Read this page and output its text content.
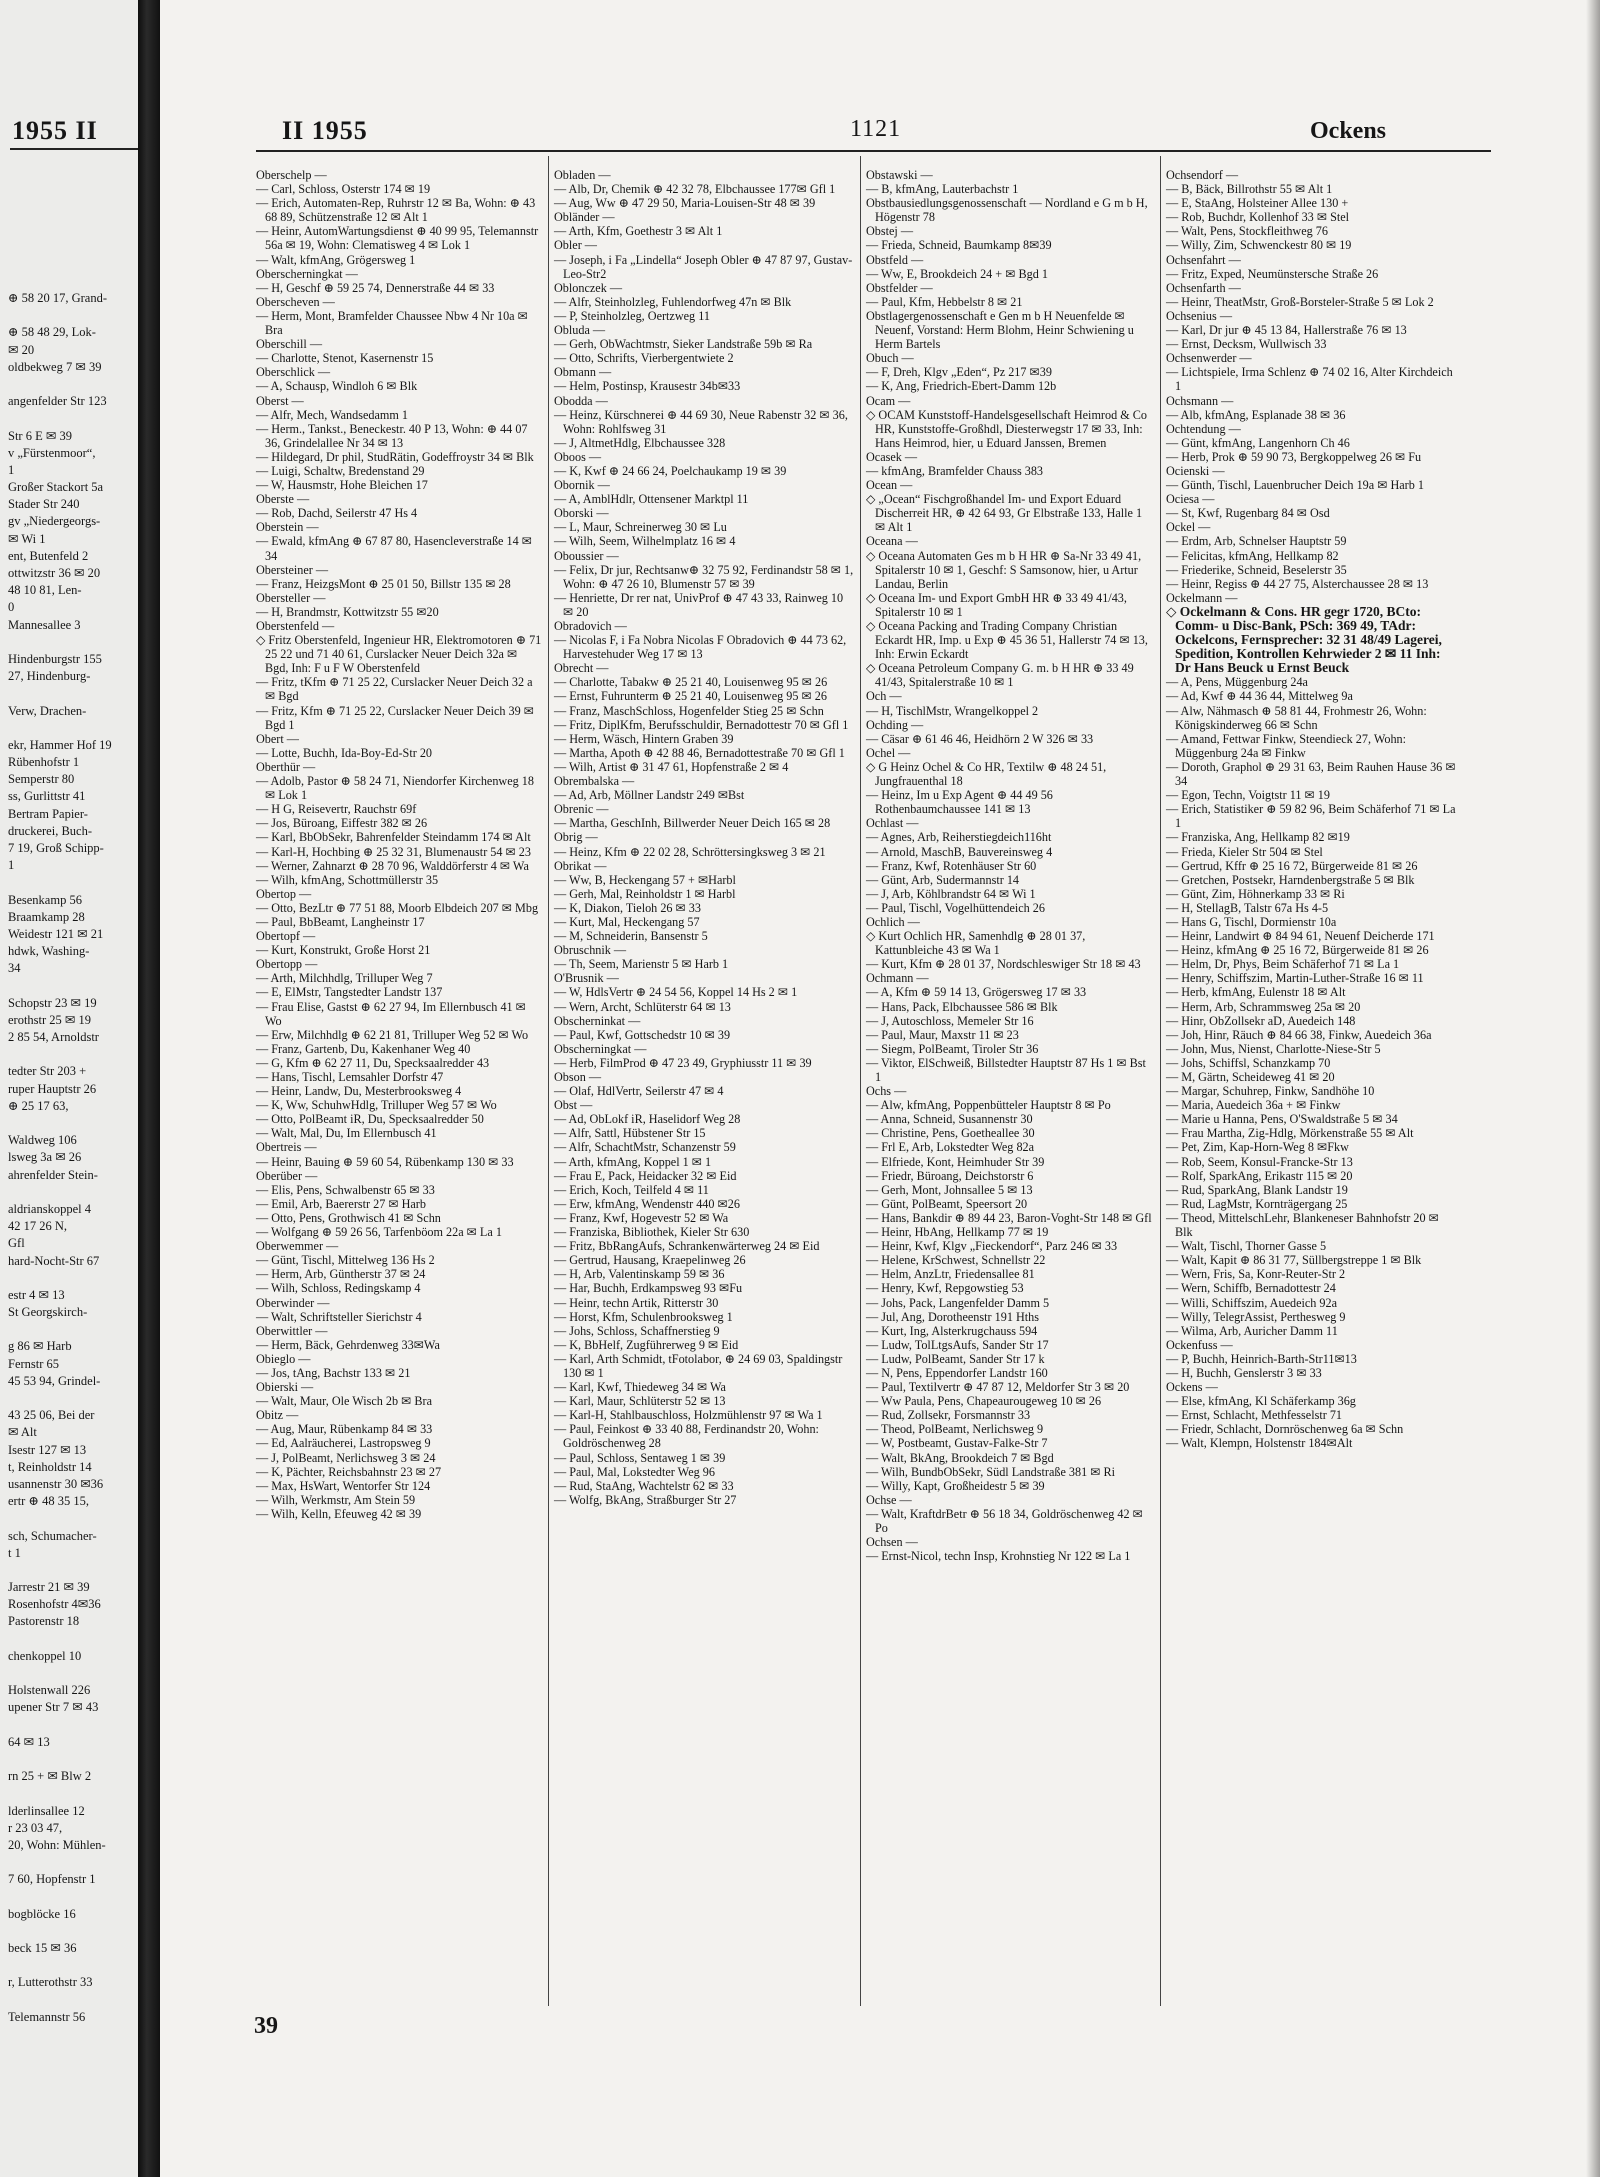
1955 II
⊕ 58 20 17, Grand-
⊕ 58 48 29, Lok-
✉ 20
oldbekweg 7 ✉ 39
angenfelder Str 123
Str 6 E ✉ 39
v „Fürstenmoor“,
1
Großer Stackort 5a
Stader Str 240
gv „Niedergeorgs-
✉ Wi 1
ent, Butenfeld 2
ottwitzstr 36 ✉ 20
48 10 81, Len-
0
Mannesallee 3
Hindenburgstr 155
27, Hindenburg-
Verw, Drachen-
ekr, Hammer Hof 19
Rübenhofstr 1
Semperstr 80
ss, Gurlittstr 41
Bertram Papier-
druckerei, Buch-
7 19, Groß Schipp-
1
Besenkamp 56
Braamkamp 28
Weidestr 121 ✉ 21
hdwk, Washing-
34
Schopstr 23 ✉ 19
erothstr 25 ✉ 19
2 85 54, Arnoldstr
tedter Str 203 +
ruper Hauptstr 26
⊕ 25 17 63,
Waldweg 106
lsweg 3a ✉ 26
ahrenfelder Stein-
aldrianskoppel 4
42 17 26 N,
Gfl
hard-Nocht-Str 67
estr 4 ✉ 13
St Georgskirch-
g 86 ✉ Harb
Fernstr 65
45 53 94, Grindel-
43 25 06, Bei der
✉ Alt
Isestr 127 ✉ 13
t, Reinholdstr 14
usannenstr 30 ✉36
ertr ⊕ 48 35 15,
sch, Schumacher-
t 1
Jarrestr 21 ✉ 39
Rosenhofstr 4✉36
Pastorenstr 18
chenkoppel 10
Holstenwall 226
upener Str 7 ✉ 43
64 ✉ 13
rn 25 + ✉ Blw 2
lderlinsallee 12
r 23 03 47,
20, Wohn: Mühlen-
7 60, Hopfenstr 1
bogblöcke 16
beck 15 ✉ 36
r, Lutterothstr 33
Telemannstr 56
II 1955	1121	Ockens
Oberschelp —
— Carl, Schloss, Osterstr 174 ✉ 19
— Erich, Automaten-Rep, Ruhrstr 12 ✉ Ba, Wohn: ⊕ 43 68 89, Schützenstraße 12 ✉ Alt 1
— Heinr, AutomWartungsdienst ⊕ 40 99 95, Telemannstr 56a ✉ 19, Wohn: Clematisweg 4 ✉ Lok 1
— Walt, kfmAng, Grögersweg 1
Oberscherningkat —
— H, Geschf ⊕ 59 25 74, Dennerstraße 44 ✉ 33
Oberscheven —
— Herm, Mont, Bramfelder Chaussee Nbw 4 Nr 10a ✉ Bra
Oberschill —
— Charlotte, Stenot, Kasernenstr 15
Oberschlick —
— A, Schausp, Windloh 6 ✉ Blk
Oberst —
— Alfr, Mech, Wandsedamm 1
— Herm., Tankst., Beneckestr. 40 P 13, Wohn: ⊕ 44 07 36, Grindelallee Nr 34 ✉ 13
— Hildegard, Dr phil, StudRätin, Godeffroystr 34 ✉ Blk
— Luigi, Schaltw, Bredenstand 29
— W, Hausmstr, Hohe Bleichen 17
Oberste —
— Rob, Dachd, Seilerstr 47 Hs 4
Oberstein —
— Ewald, kfmAng ⊕ 67 87 80, Hasencleverstraße 14 ✉ 34
Obersteiner —
— Franz, HeizgsMont ⊕ 25 01 50, Billstr 135 ✉ 28
Obersteller —
— H, Brandmstr, Kottwitzstr 55 ✉20
Oberstenfeld —
◇ Fritz Oberstenfeld, Ingenieur HR, Elektromotoren ⊕ 71 25 22 und 71 40 61, Curslacker Neuer Deich 32a ✉ Bgd, Inh: F u F W Oberstenfeld
— Fritz, tKfm ⊕ 71 25 22, Curslacker Neuer Deich 32 a ✉ Bgd
— Fritz, Kfm ⊕ 71 25 22, Curslacker Neuer Deich 39 ✉ Bgd 1
Obert —
— Lotte, Buchh, Ida-Boy-Ed-Str 20
Oberthür —
— Adolb, Pastor ⊕ 58 24 71, Niendorfer Kirchenweg 18 ✉ Lok 1
— H G, Reisevertr, Rauchstr 69f
— Jos, Büroang, Eiffestr 382 ✉ 26
— Karl, BbObSekr, Bahrenfelder Steindamm 174 ✉ Alt
— Karl-H, Hochbing ⊕ 25 32 31, Blumenaustr 54 ✉ 23
— Werner, Zahnarzt ⊕ 28 70 96, Walddörferstr 4 ✉ Wa
— Wilh, kfmAng, Schottmüllerstr 35
Obertop —
— Otto, BezLtr ⊕ 77 51 88, Moorb Elbdeich 207 ✉ Mbg
— Paul, BbBeamt, Langheinstr 17
Obertopf —
— Kurt, Konstrukt, Große Horst 21
Obertopp —
— Arth, Milchhdlg, Trilluper Weg 7
— E, ElMstr, Tangstedter Landstr 137
— Frau Elise, Gastst ⊕ 62 27 94, Im Ellernbusch 41 ✉ Wo
— Erw, Milchhdlg ⊕ 62 21 81, Trilluper Weg 52 ✉ Wo
— Franz, Gartenb, Du, Kakenhaner Weg 40
— G, Kfm ⊕ 62 27 11, Du, Specksaalredder 43
— Hans, Tischl, Lemsahler Dorfstr 47
— Heinr, Landw, Du, Mesterbrooksweg 4
— K, Ww, SchuhwHdlg, Trilluper Weg 57 ✉ Wo
— Otto, PolBeamt iR, Du, Specksaalredder 50
— Walt, Mal, Du, Im Ellernbusch 41
Obertreis —
— Heinr, Bauing ⊕ 59 60 54, Rübenkamp 130 ✉ 33
Oberüber —
— Elis, Pens, Schwalbenstr 65 ✉ 33
— Emil, Arb, Baererstr 27 ✉ Harb
— Otto, Pens, Grothwisch 41 ✉ Schn
— Wolfgang ⊕ 59 26 56, Tarfenböom 22a ✉ La 1
Oberwemmer —
— Günt, Tischl, Mittelweg 136 Hs 2
— Herm, Arb, Güntherstr 37 ✉ 24
— Wilh, Schloss, Redingskamp 4
Oberwinder —
— Walt, Schriftsteller Sierichstr 4
Oberwittler —
— Herm, Bäck, Gehrdenweg 33✉Wa
Obieglo —
— Jos, tAng, Bachstr 133 ✉ 21
Obierski —
— Walt, Maur, Ole Wisch 2b ✉ Bra
Obitz —
— Aug, Maur, Rübenkamp 84 ✉ 33
— Ed, Aalräucherei, Lastropsweg 9
— J, PolBeamt, Nerlichsweg 3 ✉ 24
— K, Pächter, Reichsbahnstr 23 ✉ 27
— Max, HsWart, Wentorfer Str 124
— Wilh, Werkmstr, Am Stein 59
— Wilh, Kelln, Efeuweg 42 ✉ 39
Obladen —
— Alb, Dr, Chemik ⊕ 42 32 78, Elbchaussee 177✉ Gfl 1
— Aug, Ww ⊕ 47 29 50, Maria-Louisen-Str 48 ✉ 39
Obländer —
— Arth, Kfm, Goethestr 3 ✉ Alt 1
Obler —
— Joseph, i Fa „Lindella“ Joseph Obler ⊕ 47 87 97, Gustav-Leo-Str2
Oblonczek —
— Alfr, Steinholzleg, Fuhlendorfweg 47n ✉ Blk
— P, Steinholzleg, Oertzweg 11
Obluda —
— Gerh, ObWachtmstr, Sieker Landstraße 59b ✉ Ra
— Otto, Schrifts, Vierbergentwiete 2
Obmann —
— Helm, Postinsp, Krausestr 34b✉33
Obodda —
— Heinz, Kürschnerei ⊕ 44 69 30, Neue Rabenstr 32 ✉ 36, Wohn: Rohlfsweg 31
— J, AltmetHdlg, Elbchaussee 328
Oboos —
— K, Kwf ⊕ 24 66 24, Poelchaukamp 19 ✉ 39
Obornik —
— A, AmblHdlr, Ottensener Marktpl 11
Oborski —
— L, Maur, Schreinerweg 30 ✉ Lu
— Wilh, Seem, Wilhelmplatz 16 ✉ 4
Oboussier —
— Felix, Dr jur, Rechtsanw⊕ 32 75 92, Ferdinandstr 58 ✉ 1, Wohn: ⊕ 47 26 10, Blumenstr 57 ✉ 39
— Henriette, Dr rer nat, UnivProf ⊕ 47 43 33, Rainweg 10 ✉ 20
Obradovich —
— Nicolas F, i Fa Nobra Nicolas F Obradovich ⊕ 44 73 62, Harvestehuder Weg 17 ✉ 13
Obrecht —
— Charlotte, Tabakw ⊕ 25 21 40, Louisenweg 95 ✉ 26
— Ernst, Fuhrunterm ⊕ 25 21 40, Louisenweg 95 ✉ 26
— Franz, MaschSchloss, Hogenfelder Stieg 25 ✉ Schn
— Fritz, DiplKfm, Berufsschuldir, Bernadottestr 70 ✉ Gfl 1
— Herm, Wäsch, Hintern Graben 39
— Martha, Apoth ⊕ 42 88 46, Bernadottestraße 70 ✉ Gfl 1
— Wilh, Artist ⊕ 31 47 61, Hopfenstraße 2 ✉ 4
Obrembalska —
— Ad, Arb, Möllner Landstr 249 ✉Bst
Obrenic —
— Martha, GeschInh, Billwerder Neuer Deich 165 ✉ 28
Obrig —
— Heinz, Kfm ⊕ 22 02 28, Schröttersingksweg 3 ✉ 21
Obrikat —
— Ww, B, Heckengang 57 + ✉Harbl
— Gerh, Mal, Reinholdstr 1 ✉ Harbl
— K, Diakon, Tieloh 26 ✉ 33
— Kurt, Mal, Heckengang 57
— M, Schneiderin, Bansenstr 5
Obruschnik —
— Th, Seem, Marienstr 5 ✉ Harb 1
O'Brusnik —
— W, HdlsVertr ⊕ 24 54 56, Koppel 14 Hs 2 ✉ 1
— Wern, Archt, Schlüterstr 64 ✉ 13
Obscherninkat —
— Paul, Kwf, Gottschedstr 10 ✉ 39
Obscherningkat —
— Herb, FilmProd ⊕ 47 23 49, Gryphiusstr 11 ✉ 39
Obson —
— Olaf, HdlVertr, Seilerstr 47 ✉ 4
Obst —
— Ad, ObLokf iR, Haselidorf Weg 28
— Alfr, Sattl, Hübstener Str 15
— Alfr, SchachtMstr, Schanzenstr 59
— Arth, kfmAng, Koppel 1 ✉ 1
— Frau E, Pack, Heidacker 32 ✉ Eid
— Erich, Koch, Teilfeld 4 ✉ 11
— Erw, kfmAng, Wendenstr 440 ✉26
— Franz, Kwf, Hogevestr 52 ✉ Wa
— Franziska, Bibliothek, Kieler Str 630
— Fritz, BbRangAufs, Schrankenwärterweg 24 ✉ Eid
— Gertrud, Hausang, Kraepelinweg 26
— H, Arb, Valentinskamp 59 ✉ 36
— Har, Buchh, Erdkampsweg 93 ✉Fu
— Heinr, techn Artik, Ritterstr 30
— Horst, Kfm, Schulenbrooksweg 1
— Johs, Schloss, Schaffnerstieg 9
— K, BbHelf, Zugführerweg 9 ✉ Eid
— Karl, Arth Schmidt, tFotolabor, ⊕ 24 69 03, Spaldingstr 130 ✉ 1
— Karl, Kwf, Thiedeweg 34 ✉ Wa
— Karl, Maur, Schlüterstr 52 ✉ 13
— Karl-H, Stahlbauschloss, Holzmühlenstr 97 ✉ Wa 1
— Paul, Feinkost ⊕ 33 40 88, Ferdinandstr 20, Wohn: Goldröschenweg 28
— Paul, Schloss, Sentaweg 1 ✉ 39
— Paul, Mal, Lokstedter Weg 96
— Rud, StaAng, Wachtelstr 62 ✉ 33
— Wolfg, BkAng, Straßburger Str 27
Obstawski —
— B, kfmAng, Lauterbachstr 1
Obstbausiedlungsgenossenschaft — Nordland e G m b H, Högenstr 78
Obstej —
— Frieda, Schneid, Baumkamp 8✉39
Obstfeld —
— Ww, E, Brookdeich 24 + ✉ Bgd 1
Obstfelder —
— Paul, Kfm, Hebbelstr 8 ✉ 21
Obstlagergenossenschaft e Gen m b H Neuenfelde ✉ Neuenf, Vorstand: Herm Blohm, Heinr Schwiening u Herm Bartels
Obuch —
— F, Dreh, Klgv „Eden“, Pz 217 ✉39
— K, Ang, Friedrich-Ebert-Damm 12b
Ocam —
◇ OCAM Kunststoff-Handelsgesellschaft Heimrod & Co HR, Kunststoffe-Großhdl, Diesterwegstr 17 ✉ 33, Inh: Hans Heimrod, hier, u Eduard Janssen, Bremen
Ocasek —
— kfmAng, Bramfelder Chauss 383
Ocean —
◇ „Ocean“ Fischgroßhandel Im- und Export Eduard Discherreit HR, ⊕ 42 64 93, Gr Elbstraße 133, Halle 1 ✉ Alt 1
Oceana —
◇ Oceana Automaten Ges m b H HR ⊕ Sa-Nr 33 49 41, Spitalerstr 10 ✉ 1, Geschf: S Samsonow, hier, u Artur Landau, Berlin
◇ Oceana Im- und Export GmbH HR ⊕ 33 49 41/43, Spitalerstr 10 ✉ 1
◇ Oceana Packing and Trading Company Christian Eckardt HR, Imp. u Exp ⊕ 45 36 51, Hallerstr 74 ✉ 13, Inh: Erwin Eckardt
◇ Oceana Petroleum Company G. m. b H HR ⊕ 33 49 41/43, Spitalerstraße 10 ✉ 1
Och —
— H, TischlMstr, Wrangelkoppel 2
Ochding —
— Cäsar ⊕ 61 46 46, Heidhörn 2 W 326 ✉ 33
Ochel —
◇ G Heinz Ochel & Co HR, Textilw ⊕ 48 24 51, Jungfrauenthal 18
— Heinz, Im u Exp Agent ⊕ 44 49 56 Rothenbaumchaussee 141 ✉ 13
Ochlast —
— Agnes, Arb, Reiherstiegdeich116ht
— Arnold, MaschB, Bauvereinsweg 4
— Franz, Kwf, Rotenhäuser Str 60
— Günt, Arb, Sudermannstr 14
— J, Arb, Köhlbrandstr 64 ✉ Wi 1
— Paul, Tischl, Vogelhüttendeich 26
Ochlich —
◇ Kurt Ochlich HR, Samenhdlg ⊕ 28 01 37, Kattunbleiche 43 ✉ Wa 1
— Kurt, Kfm ⊕ 28 01 37, Nordschleswiger Str 18 ✉ 43
Ochmann —
— A, Kfm ⊕ 59 14 13, Grögersweg 17 ✉ 33
— Hans, Pack, Elbchaussee 586 ✉ Blk
— J, Autoschloss, Memeler Str 16
— Paul, Maur, Maxstr 11 ✉ 23
— Siegm, PolBeamt, Tiroler Str 36
— Viktor, ElSchweiß, Billstedter Hauptstr 87 Hs 1 ✉ Bst 1
Ochs —
— Alw, kfmAng, Poppenbütteler Hauptstr 8 ✉ Po
— Anna, Schneid, Susannenstr 30
— Christine, Pens, Goetheallee 30
— Frl E, Arb, Lokstedter Weg 82a
— Elfriede, Kont, Heimhuder Str 39
— Friedr, Büroang, Deichstorstr 6
— Gerh, Mont, Johnsallee 5 ✉ 13
— Günt, PolBeamt, Speersort 20
— Hans, Bankdir ⊕ 89 44 23, Baron-Voght-Str 148 ✉ Gfl
— Heinr, HbAng, Hellkamp 77 ✉ 19
— Heinr, Kwf, Klgv „Fieckendorf“, Parz 246 ✉ 33
— Helene, KrSchwest, Schnellstr 22
— Helm, AnzLtr, Friedensallee 81
— Henry, Kwf, Repgowstieg 53
— Johs, Pack, Langenfelder Damm 5
— Jul, Ang, Dorotheenstr 191 Hths
— Kurt, Ing, Alsterkrugchauss 594
— Ludw, TolLtgsAufs, Sander Str 17
— Ludw, PolBeamt, Sander Str 17 k
— N, Pens, Eppendorfer Landstr 160
— Paul, Textilvertr ⊕ 47 87 12, Meldorfer Str 3 ✉ 20
— Ww Paula, Pens, Chapeaurougeweg 10 ✉ 26
— Rud, Zollsekr, Forsmannstr 33
— Theod, PolBeamt, Nerlichsweg 9
— W, Postbeamt, Gustav-Falke-Str 7
— Walt, BkAng, Brookdeich 7 ✉ Bgd
— Wilh, BundbObSekr, Südl Landstraße 381 ✉ Ri
— Willy, Kapt, Großheidestr 5 ✉ 39
Ochse —
— Walt, KraftdrBetr ⊕ 56 18 34, Goldröschenweg 42 ✉ Po
Ochsen —
— Ernst-Nicol, techn Insp, Krohnstieg Nr 122 ✉ La 1
Ochsendorf —
— B, Bäck, Billrothstr 55 ✉ Alt 1
— E, StaAng, Holsteiner Allee 130 +
— Rob, Buchdr, Kollenhof 33 ✉ Stel
— Walt, Pens, Stockfleithweg 76
— Willy, Zim, Schwenckestr 80 ✉ 19
Ochsenfahrt —
— Fritz, Exped, Neumünstersche Straße 26
Ochsenfarth —
— Heinr, TheatMstr, Groß-Borsteler-Straße 5 ✉ Lok 2
Ochsenius —
— Karl, Dr jur ⊕ 45 13 84, Hallerstraße 76 ✉ 13
— Ernst, Decksm, Wullwisch 33
Ochsenwerder —
— Lichtspiele, Irma Schlenz ⊕ 74 02 16, Alter Kirchdeich 1
Ochsmann —
— Alb, kfmAng, Esplanade 38 ✉ 36
Ochtendung —
— Günt, kfmAng, Langenhorn Ch 46
— Herb, Prok ⊕ 59 90 73, Bergkoppelweg 26 ✉ Fu
Ocienski —
— Günth, Tischl, Lauenbrucher Deich 19a ✉ Harb 1
Ociesa —
— St, Kwf, Rugenbarg 84 ✉ Osd
Ockel —
— Erdm, Arb, Schnelser Hauptstr 59
— Felicitas, kfmAng, Hellkamp 82
— Friederike, Schneid, Beselerstr 35
— Heinr, Regiss ⊕ 44 27 75, Alsterchaussee 28 ✉ 13
Ockelmann —
◇ Ockelmann & Cons. HR gegr 1720, BCto: Comm- u Disc-Bank, PSch: 369 49, TAdr: Ockelcons, Fernsprecher: 32 31 48/49 Lagerei, Spedition, Kontrollen Kehrwieder 2 ✉ 11 Inh: Dr Hans Beuck u Ernst Beuck
— A, Pens, Müggenburg 24a
— Ad, Kwf ⊕ 44 36 44, Mittelweg 9a
— Alw, Nähmasch ⊕ 58 81 44, Frohmestr 26, Wohn: Königskinderweg 66 ✉ Schn
— Amand, Fettwar Finkw, Steendieck 27, Wohn: Müggenburg 24a ✉ Finkw
— Doroth, Graphol ⊕ 29 31 63, Beim Rauhen Hause 36 ✉ 34
— Egon, Techn, Voigtstr 11 ✉ 19
— Erich, Statistiker ⊕ 59 82 96, Beim Schäferhof 71 ✉ La 1
— Franziska, Ang, Hellkamp 82 ✉19
— Frieda, Kieler Str 504 ✉ Stel
— Gertrud, Kffr ⊕ 25 16 72, Bürgerweide 81 ✉ 26
— Gretchen, Postsekr, Harndenbergstraße 5 ✉ Blk
— Günt, Zim, Höhnerkamp 33 ✉ Ri
— H, StellagB, Talstr 67a Hs 4-5
— Hans G, Tischl, Dormienstr 10a
— Heinr, Landwirt ⊕ 84 94 61, Neuenf Deicherde 171
— Heinz, kfmAng ⊕ 25 16 72, Bürgerweide 81 ✉ 26
— Helm, Dr, Phys, Beim Schäferhof 71 ✉ La 1
— Henry, Schiffszim, Martin-Luther-Straße 16 ✉ 11
— Herb, kfmAng, Eulenstr 18 ✉ Alt
— Herm, Arb, Schrammsweg 25a ✉ 20
— Hinr, ObZollsekr aD, Auedeich 148
— Joh, Hinr, Räuch ⊕ 84 66 38, Finkw, Auedeich 36a
— John, Mus, Nienst, Charlotte-Niese-Str 5
— Johs, Schiffsl, Schanzkamp 70
— M, Gärtn, Scheideweg 41 ✉ 20
— Margar, Schuhrep, Finkw, Sandhöhe 10
— Maria, Auedeich 36a + ✉ Finkw
— Marie u Hanna, Pens, O'Swaldstraße 5 ✉ 34
— Frau Martha, Zig-Hdlg, Mörkenstraße 55 ✉ Alt
— Pet, Zim, Kap-Horn-Weg 8 ✉Fkw
— Rob, Seem, Konsul-Francke-Str 13
— Rolf, SparkAng, Erikastr 115 ✉ 20
— Rud, SparkAng, Blank Landstr 19
— Rud, LagMstr, Kornträgergang 25
— Theod, MittelschLehr, Blankeneser Bahnhofstr 20 ✉ Blk
— Walt, Tischl, Thorner Gasse 5
— Walt, Kapit ⊕ 86 31 77, Süllbergstreppe 1 ✉ Blk
— Wern, Fris, Sa, Konr-Reuter-Str 2
— Wern, Schiffb, Bernadottestr 24
— Willi, Schiffszim, Auedeich 92a
— Willy, TelegrAssist, Perthesweg 9
— Wilma, Arb, Auricher Damm 11
Ockenfuss —
— P, Buchh, Heinrich-Barth-Str11✉13
— H, Buchh, Genslerstr 3 ✉ 33
Ockens —
— Else, kfmAng, Kl Schäferkamp 36g
— Ernst, Schlacht, Methfesselstr 71
— Friedr, Schlacht, Dornröschenweg 6a ✉ Schn
— Walt, Klempn, Holstenstr 184✉Alt
39
